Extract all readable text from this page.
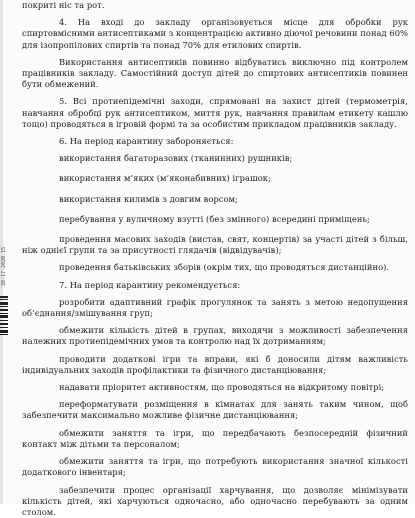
38-17-2020.15

покриті ніс та рот.

4. На вході до закладу організовується місце для обробки рук спиртовмісними антисептиками з концентрацією активно діючої речовини понад 60% для ізопропілових спиртів та понад 70% для етилових спиртів.

Використання антисептиків повинно відбуватись виключно під контролем працівників закладу. Самостійний доступ дітей до спиртових антисептиків повинен бути обмежений.

5. Всі протиепідемічні заходи, спрямовані на захист дітей (термометрія, навчання обробці рук антисептиком, миття рук, навчання правилам етикету кашлю тощо) проводяться в ігровій формі та за особистим прикладом працівників закладу.

6. На період карантину забороняється:

використання багаторазових (тканинних) рушників;

використання м’яких (м’яконабивних) іграшок;

використання килимів з довгим ворсом;

перебування у вуличному взутті (без змінного) всередині приміщень;

проведення масових заходів (вистав, свят, концертів) за участі дітей з більш, ніж однієї групи та за присутності глядачів (відвідувачів);

проведення батьківських зборів (окрім тих, що проводяться дистанційно).

7. На період карантину рекомендується:

розробити адаптивний графік прогулянок та занять з метою недопущення об’єднання/змішування груп;

обмежити кількість дітей в групах, виходячи з можливості забезпечення належних протиепідемічних умов та контролю над їх дотриманням;

проводити додаткові ігри та вправи, які б доносили дітям важливість індивідуальних заходів профілактики та фізичного дистанціювання;

надавати пріоритет активностям, що проводяться на відкритому повітрі;

переформатувати розміщення в кімнатах для занять таким чином, щоб забезпечити максимально можливе фізичне дистанціювання;

обмежити заняття та ігри, що передбачають безпосередній фізичний контакт між дітьми та персоналом;

обмежити заняття та ігри, що потребують використання значної кількості додаткового інвентаря;

забезпечити процес організації харчування, що дозволяє мінімізувати кількість дітей, які харчуються одночасно, або одночасно перебувають за одним столом.
